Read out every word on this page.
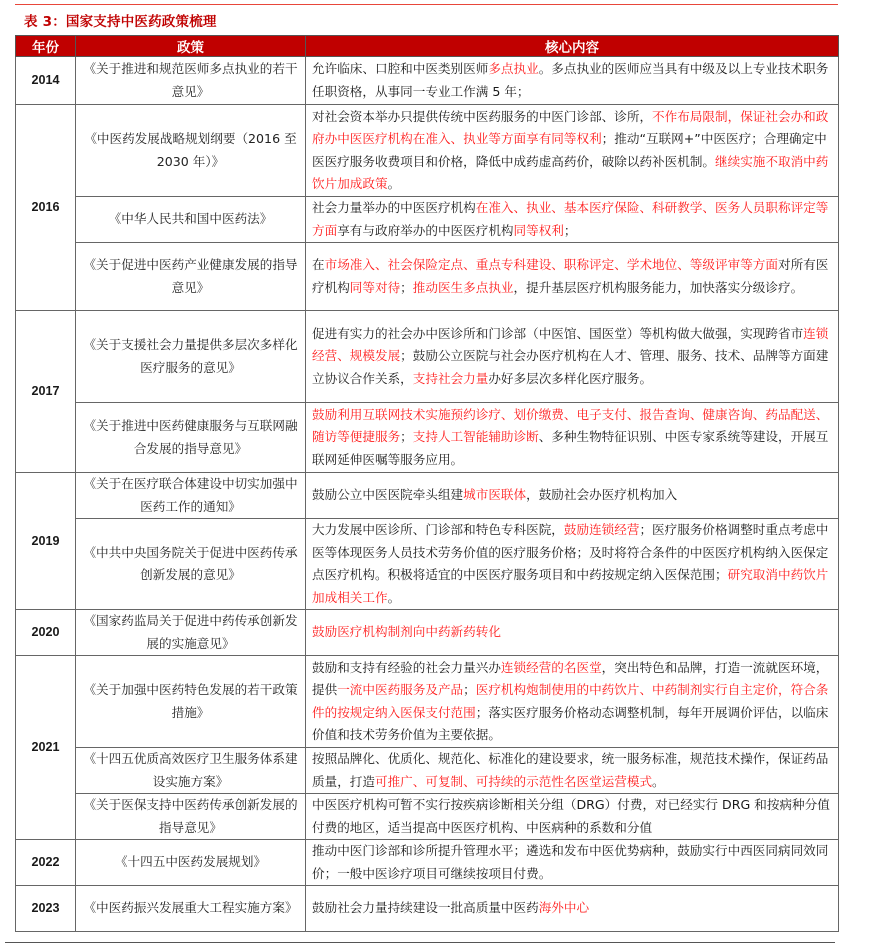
表 3：国家支持中医药政策梳理
年份	政策	核心内容
2014	《关于推进和规范医师多点执业的若干意见》	允许临床、口腔和中医类别医师多点执业。多点执业的医师应当具有中级及以上专业技术职务任职资格，从事同一专业工作满 5 年；
2016	《中医药发展战略规划纲要（2016 至 2030 年）》	对社会资本举办只提供传统中医药服务的中医门诊部、诊所，不作布局限制，保证社会办和政府办中医医疗机构在准入、执业等方面享有同等权利；推动“互联网+”中医医疗；合理确定中医医疗服务收费项目和价格，降低中成药虚高药价，破除以药补医机制。继续实施不取消中药饮片加成政策。
	《中华人民共和国中医药法》	社会力量举办的中医医疗机构在准入、执业、基本医疗保险、科研教学、医务人员职称评定等方面享有与政府举办的中医医疗机构同等权利；
	《关于促进中医药产业健康发展的指导意见》	在市场准入、社会保险定点、重点专科建设、职称评定、学术地位、等级评审等方面对所有医疗机构同等对待；推动医生多点执业，提升基层医疗机构服务能力，加快落实分级诊疗。
2017	《关于支援社会力量提供多层次多样化医疗服务的意见》	促进有实力的社会办中医诊所和门诊部（中医馆、国医堂）等机构做大做强，实现跨省市连锁经营、规模发展；鼓励公立医院与社会办医疗机构在人才、管理、服务、技术、品牌等方面建立协议合作关系，支持社会力量办好多层次多样化医疗服务。
	《关于推进中医药健康服务与互联网融合发展的指导意见》	鼓励利用互联网技术实施预约诊疗、划价缴费、电子支付、报告查询、健康咨询、药品配送、随访等便捷服务；支持人工智能辅助诊断、多种生物特征识别、中医专家系统等建设，开展互联网延伸医嘱等服务应用。
2019	《关于在医疗联合体建设中切实加强中医药工作的通知》	鼓励公立中医医院牵头组建城市医联体，鼓励社会办医疗机构加入
	《中共中央国务院关于促进中医药传承创新发展的意见》	大力发展中医诊所、门诊部和特色专科医院，鼓励连锁经营；医疗服务价格调整时重点考虑中医等体现医务人员技术劳务价值的医疗服务价格；及时将符合条件的中医医疗机构纳入医保定点医疗机构。积极将适宜的中医医疗服务项目和中药按规定纳入医保范围；研究取消中药饮片加成相关工作。
2020	《国家药监局关于促进中药传承创新发展的实施意见》	鼓励医疗机构制剂向中药新药转化
2021	《关于加强中医药特色发展的若干政策措施》	鼓励和支持有经验的社会力量兴办连锁经营的名医堂，突出特色和品牌，打造一流就医环境，提供一流中医药服务及产品；医疗机构炮制使用的中药饮片、中药制剂实行自主定价，符合条件的按规定纳入医保支付范围；落实医疗服务价格动态调整机制，每年开展调价评估，以临床价值和技术劳务价值为主要依据。
	《十四五优质高效医疗卫生服务体系建设实施方案》	按照品牌化、优质化、规范化、标准化的建设要求，统一服务标准，规范技术操作，保证药品质量，打造可推广、可复制、可持续的示范性名医堂运营模式。
	《关于医保支持中医药传承创新发展的指导意见》	中医医疗机构可暂不实行按疾病诊断相关分组（DRG）付费，对已经实行 DRG 和按病种分值付费的地区，适当提高中医医疗机构、中医病种的系数和分值
2022	《十四五中医药发展规划》	推动中医门诊部和诊所提升管理水平；遴选和发布中医优势病种，鼓励实行中西医同病同效同价；一般中医诊疗项目可继续按项目付费。
2023	《中医药振兴发展重大工程实施方案》	鼓励社会力量持续建设一批高质量中医药海外中心
